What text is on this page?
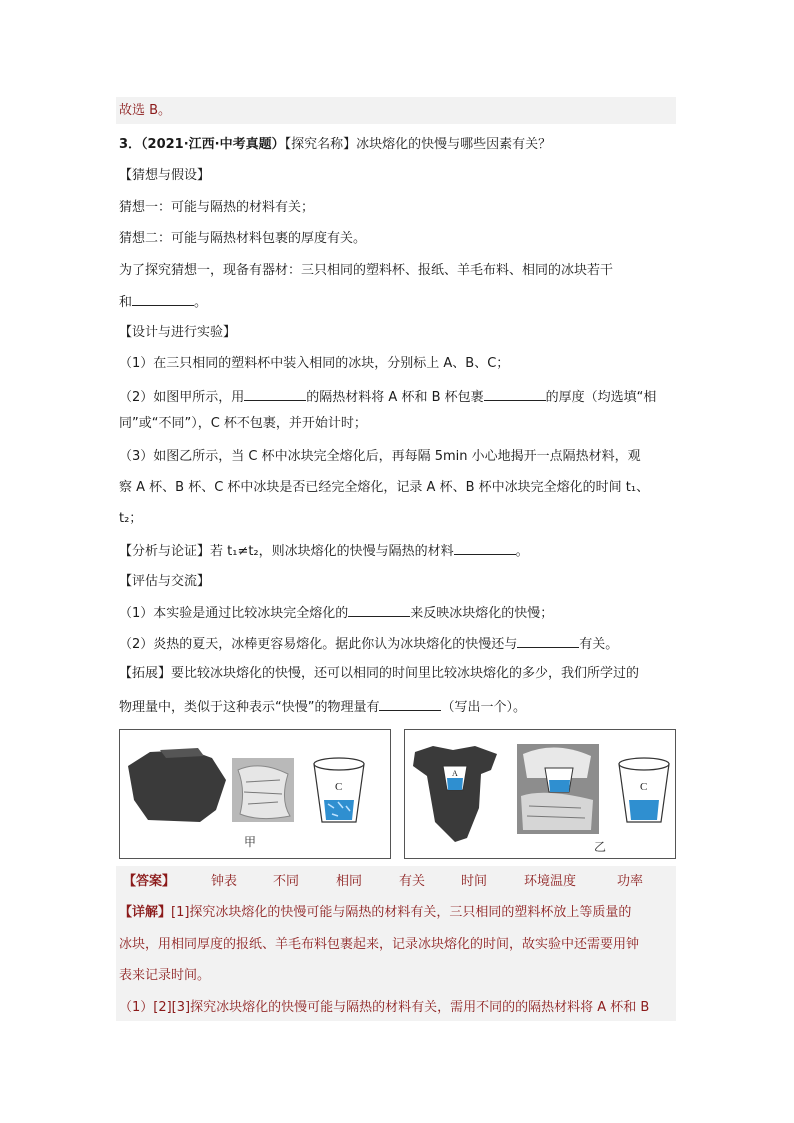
故选 B。
3．（2021·江西·中考真题）【探究名称】冰块熔化的快慢与哪些因素有关？
【猜想与假设】
猜想一：可能与隔热的材料有关；
猜想二：可能与隔热材料包裹的厚度有关。
为了探究猜想一，现备有器材：三只相同的塑料杯、报纸、羊毛布料、相同的冰块若干
和	。
【设计与进行实验】
（1）在三只相同的塑料杯中装入相同的冰块，分别标上 A、B、C；
（2）如图甲所示，用	的隔热材料将 A 杯和 B 杯包裹	的厚度（均选填“相
同”或“不同”），C 杯不包裹，并开始计时；
（3）如图乙所示，当 C 杯中冰块完全熔化后，再每隔 5min 小心地揭开一点隔热材料，观
察 A 杯、B 杯、C 杯中冰块是否已经完全熔化，记录 A 杯、B 杯中冰块完全熔化的时间 t₁、
t₂；
【分析与论证】若 t₁≠t₂，则冰块熔化的快慢与隔热的材料	。
【评估与交流】
（1）本实验是通过比较冰块完全熔化的	来反映冰块熔化的快慢；
（2）炎热的夏天，冰棒更容易熔化。据此你认为冰块熔化的快慢还与	有关。
【拓展】要比较冰块熔化的快慢，还可以相同的时间里比较冰块熔化的多少，我们所学过的
物理量中，类似于这种表示“快慢”的物理量有	（写出一个）。
C
甲
A
C
乙
【答案】	钟表	不同	相同	有关	时间	环境温度	功率
【详解】[1]探究冰块熔化的快慢可能与隔热的材料有关，三只相同的塑料杯放上等质量的
冰块，用相同厚度的报纸、羊毛布料包裹起来，记录冰块熔化的时间，故实验中还需要用钟
表来记录时间。
（1）[2][3]探究冰块熔化的快慢可能与隔热的材料有关，需用不同的的隔热材料将 A 杯和 B
